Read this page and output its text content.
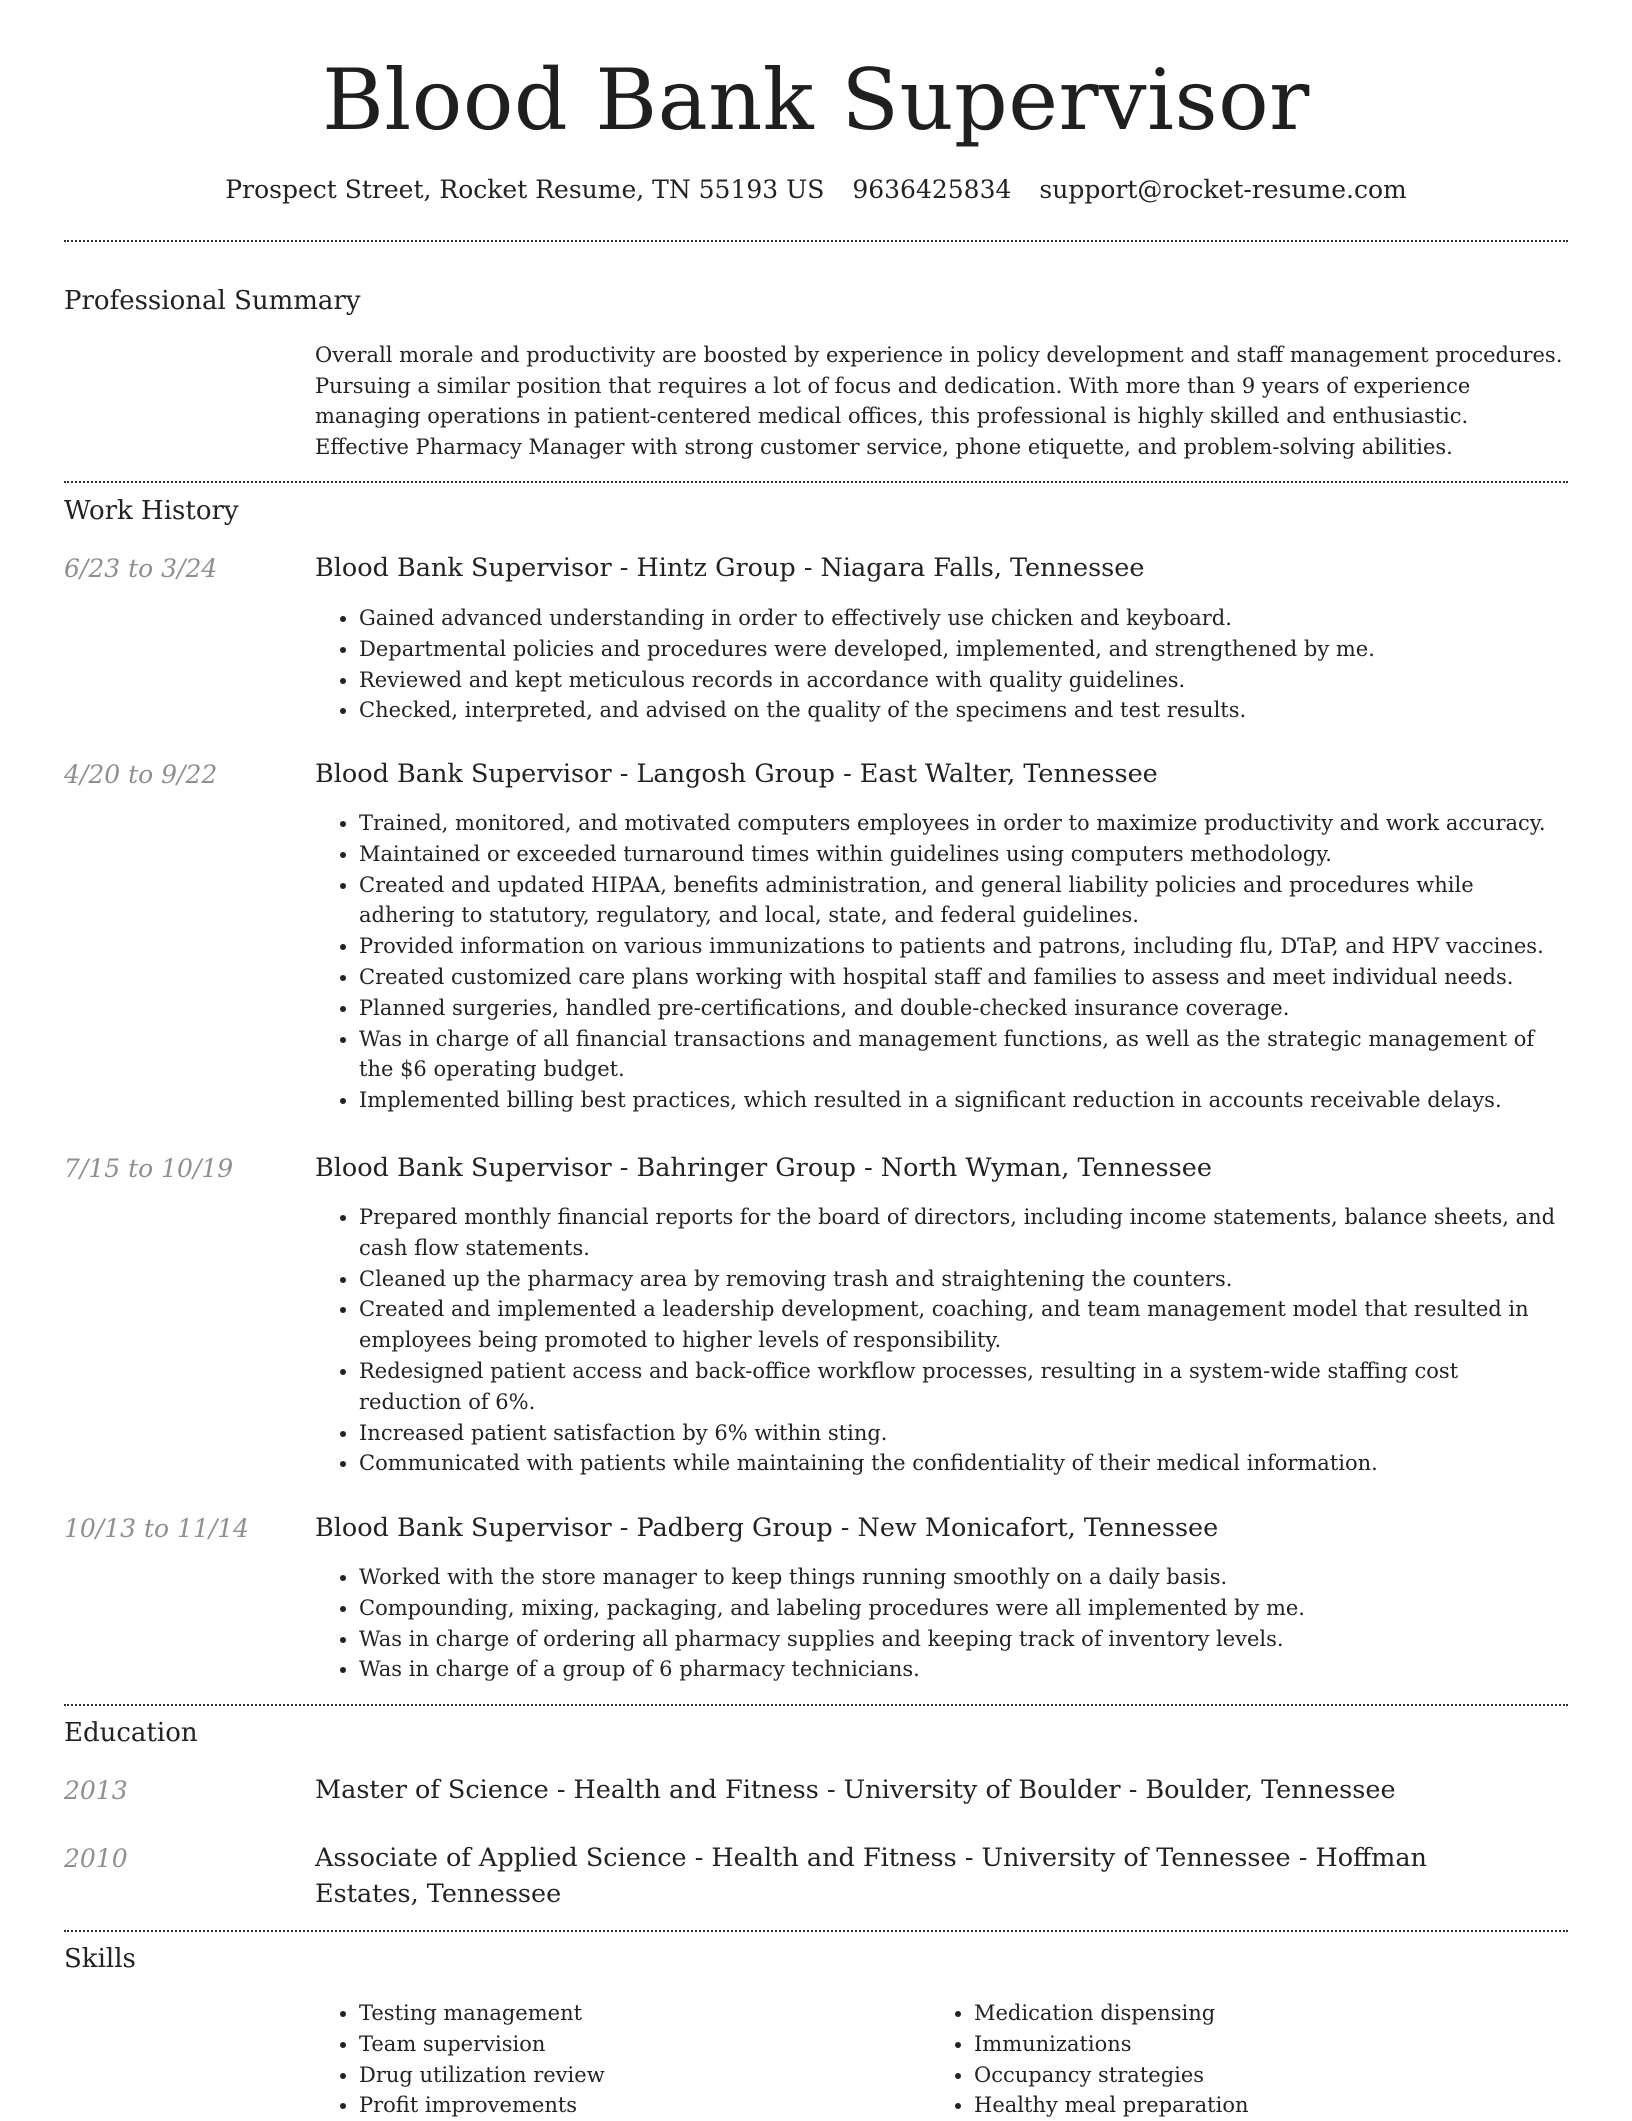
Blood Bank Supervisor
Prospect Street, Rocket Resume, TN 55193 US 9636425834 support@rocket-resume.com
Professional Summary

Overall morale and productivity are boosted by experience in policy development and staff management procedures. Pursuing a similar position that requires a lot of focus and dedication. With more than 9 years of experience managing operations in patient-centered medical offices, this professional is highly skilled and enthusiastic. Effective Pharmacy Manager with strong customer service, phone etiquette, and problem-solving abilities.

Work History
6/23 to 3/24	Blood Bank Supervisor - Hintz Group - Niagara Falls, Tennessee
• Gained advanced understanding in order to effectively use chicken and keyboard.
• Departmental policies and procedures were developed, implemented, and strengthened by me.
• Reviewed and kept meticulous records in accordance with quality guidelines.
• Checked, interpreted, and advised on the quality of the specimens and test results.
4/20 to 9/22	Blood Bank Supervisor - Langosh Group - East Walter, Tennessee
• Trained, monitored, and motivated computers employees in order to maximize productivity and work accuracy.
• Maintained or exceeded turnaround times within guidelines using computers methodology.
• Created and updated HIPAA, benefits administration, and general liability policies and procedures while adhering to statutory, regulatory, and local, state, and federal guidelines.
• Provided information on various immunizations to patients and patrons, including flu, DTaP, and HPV vaccines.
• Created customized care plans working with hospital staff and families to assess and meet individual needs.
• Planned surgeries, handled pre-certifications, and double-checked insurance coverage.
• Was in charge of all financial transactions and management functions, as well as the strategic management of the $6 operating budget.
• Implemented billing best practices, which resulted in a significant reduction in accounts receivable delays.
7/15 to 10/19	Blood Bank Supervisor - Bahringer Group - North Wyman, Tennessee
• Prepared monthly financial reports for the board of directors, including income statements, balance sheets, and cash flow statements.
• Cleaned up the pharmacy area by removing trash and straightening the counters.
• Created and implemented a leadership development, coaching, and team management model that resulted in employees being promoted to higher levels of responsibility.
• Redesigned patient access and back-office workflow processes, resulting in a system-wide staffing cost reduction of 6%.
• Increased patient satisfaction by 6% within sting.
• Communicated with patients while maintaining the confidentiality of their medical information.
10/13 to 11/14	Blood Bank Supervisor - Padberg Group - New Monicafort, Tennessee
• Worked with the store manager to keep things running smoothly on a daily basis.
• Compounding, mixing, packaging, and labeling procedures were all implemented by me.
• Was in charge of ordering all pharmacy supplies and keeping track of inventory levels.
• Was in charge of a group of 6 pharmacy technicians.
Education
2013	Master of Science - Health and Fitness - University of Boulder - Boulder, Tennessee
2010	Associate of Applied Science - Health and Fitness - University of Tennessee - Hoffman Estates, Tennessee
Skills
• Testing management
• Team supervision
• Drug utilization review
• Profit improvements
• Medication dispensing
• Immunizations
• Occupancy strategies
• Healthy meal preparation
